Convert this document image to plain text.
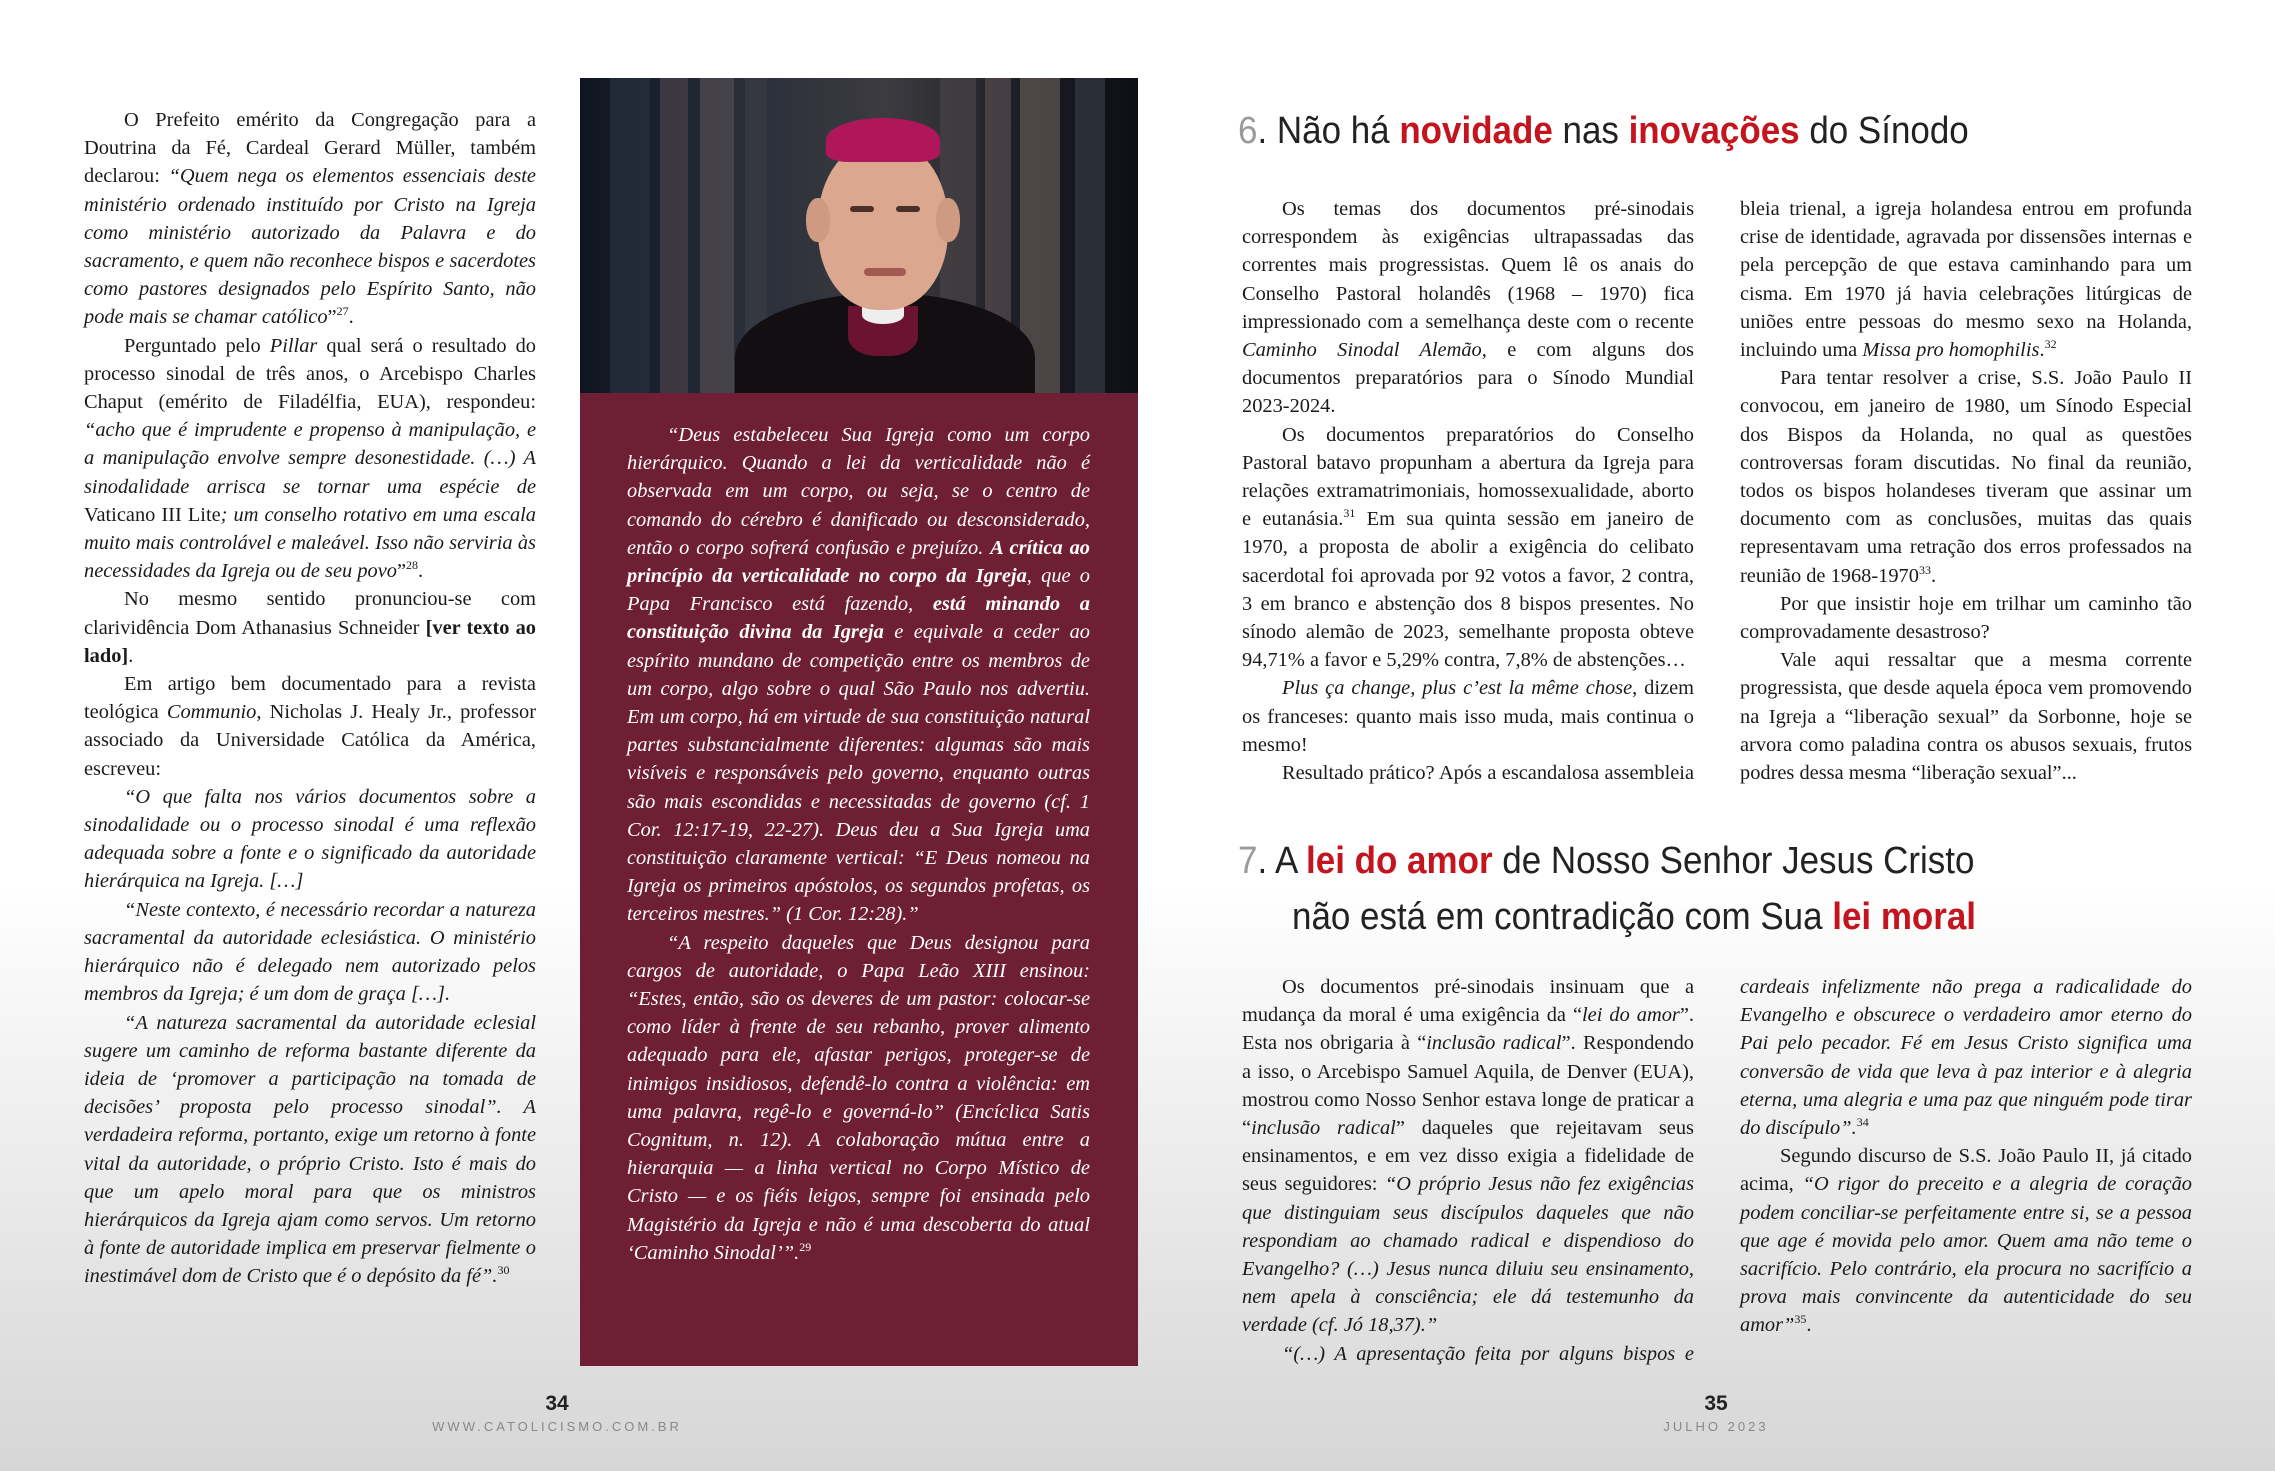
O Prefeito emérito da Congregação para a Doutrina da Fé, Cardeal Gerard Müller, também declarou: “Quem nega os elementos essenciais deste ministério ordenado instituído por Cristo na Igreja como ministério autorizado da Palavra e do sacramento, e quem não reconhece bispos e sacerdotes como pastores designados pelo Espírito Santo, não pode mais se chamar católico”$^{27}$.

Perguntado pelo Pillar qual será o resultado do processo sinodal de três anos, o Arcebispo Charles Chaput (emérito de Filadélfia, EUA), respondeu: “acho que é imprudente e propenso à manipulação, e a manipulação envolve sempre desonestidade. (…) A sinodalidade arrisca se tornar uma espécie de Vaticano III Lite; um conselho rotativo em uma escala muito mais controlável e maleável. Isso não serviria às necessidades da Igreja ou de seu povo”$^{28}$.

No mesmo sentido pronunciou-se com clarividência Dom Athanasius Schneider [ver texto ao lado].

Em artigo bem documentado para a revista teológica Communio, Nicholas J. Healy Jr., professor associado da Universidade Católica da América, escreveu:

“O que falta nos vários documentos sobre a sinodalidade ou o processo sinodal é uma reflexão adequada sobre a fonte e o significado da autoridade hierárquica na Igreja. […]

“Neste contexto, é necessário recordar a natureza sacramental da autoridade eclesiástica. O ministério hierárquico não é delegado nem autorizado pelos membros da Igreja; é um dom de graça […].

“A natureza sacramental da autoridade eclesial sugere um caminho de reforma bastante diferente da ideia de ‘promover a participação na tomada de decisões’ proposta pelo processo sinodal”. A verdadeira reforma, portanto, exige um retorno à fonte vital da autoridade, o próprio Cristo. Isto é mais do que um apelo moral para que os ministros hierárquicos da Igreja ajam como servos. Um retorno à fonte de autoridade implica em preservar fielmente o inestimável dom de Cristo que é o depósito da fé”.$^{30}$

“Deus estabeleceu Sua Igreja como um corpo hierárquico. Quando a lei da verticalidade não é observada em um corpo, ou seja, se o centro de comando do cérebro é danificado ou desconsiderado, então o corpo sofrerá confusão e prejuízo. A crítica ao princípio da verticalidade no corpo da Igreja, que o Papa Francisco está fazendo, está minando a constituição divina da Igreja e equivale a ceder ao espírito mundano de competição entre os membros de um corpo, algo sobre o qual São Paulo nos advertiu. Em um corpo, há em virtude de sua constituição natural partes substancialmente diferentes: algumas são mais visíveis e responsáveis pelo governo, enquanto outras são mais escondidas e necessitadas de governo (cf. 1 Cor. 12:17-19, 22-27). Deus deu a Sua Igreja uma constituição claramente vertical: “E Deus nomeou na Igreja os primeiros apóstolos, os segundos profetas, os terceiros mestres.” (1 Cor. 12:28).”

“A respeito daqueles que Deus designou para cargos de autoridade, o Papa Leão XIII ensinou: “Estes, então, são os deveres de um pastor: colocar-se como líder à frente de seu rebanho, prover alimento adequado para ele, afastar perigos, proteger-se de inimigos insidiosos, defendê-lo contra a violência: em uma palavra, regê-lo e governá-lo” (Encíclica Satis Cognitum, n. 12). A colaboração mútua entre a hierarquia — a linha vertical no Corpo Místico de Cristo — e os fiéis leigos, sempre foi ensinada pelo Magistério da Igreja e não é uma descoberta do atual ‘Caminho Sinodal’”.$^{29}$

6. Não há novidade nas inovações do Sínodo

Os temas dos documentos pré-sinodais correspondem às exigências ultrapassadas das correntes mais progressistas. Quem lê os anais do Conselho Pastoral holandês (1968 – 1970) fica impressionado com a semelhança deste com o recente Caminho Sinodal Alemão, e com alguns dos documentos preparatórios para o Sínodo Mundial 2023-2024.

Os documentos preparatórios do Conselho Pastoral batavo propunham a abertura da Igreja para relações extramatrimoniais, homossexualidade, aborto e eutanásia.$^{31}$ Em sua quinta sessão em janeiro de 1970, a proposta de abolir a exigência do celibato sacerdotal foi aprovada por 92 votos a favor, 2 contra, 3 em branco e abstenção dos 8 bispos presentes. No sínodo alemão de 2023, semelhante proposta obteve 94,71% a favor e 5,29% contra, 7,8% de abstenções…

Plus ça change, plus c’est la même chose, dizem os franceses: quanto mais isso muda, mais continua o mesmo!

Resultado prático? Após a escandalosa assembleia

bleia trienal, a igreja holandesa entrou em profunda crise de identidade, agravada por dissensões internas e pela percepção de que estava caminhando para um cisma. Em 1970 já havia celebrações litúrgicas de uniões entre pessoas do mesmo sexo na Holanda, incluindo uma Missa pro homophilis.$^{32}$

Para tentar resolver a crise, S.S. João Paulo II convocou, em janeiro de 1980, um Sínodo Especial dos Bispos da Holanda, no qual as questões controversas foram discutidas. No final da reunião, todos os bispos holandeses tiveram que assinar um documento com as conclusões, muitas das quais representavam uma retração dos erros professados na reunião de 1968-1970$^{33}$.

Por que insistir hoje em trilhar um caminho tão comprovadamente desastroso?

Vale aqui ressaltar que a mesma corrente progressista, que desde aquela época vem promovendo na Igreja a “liberação sexual” da Sorbonne, hoje se arvora como paladina contra os abusos sexuais, frutos podres dessa mesma “liberação sexual”...

7. A lei do amor de Nosso Senhor Jesus Cristo
não está em contradição com Sua lei moral

Os documentos pré-sinodais insinuam que a mudança da moral é uma exigência da “lei do amor”. Esta nos obrigaria à “inclusão radical”. Respondendo a isso, o Arcebispo Samuel Aquila, de Denver (EUA), mostrou como Nosso Senhor estava longe de praticar a “inclusão radical” daqueles que rejeitavam seus ensinamentos, e em vez disso exigia a fidelidade de seus seguidores: “O próprio Jesus não fez exigências que distinguiam seus discípulos daqueles que não respondiam ao chamado radical e dispendioso do Evangelho? (…) Jesus nunca diluiu seu ensinamento, nem apela à consciência; ele dá testemunho da verdade (cf. Jó 18,37).”

“(…) A apresentação feita por alguns bispos e

cardeais infelizmente não prega a radicalidade do Evangelho e obscurece o verdadeiro amor eterno do Pai pelo pecador. Fé em Jesus Cristo significa uma conversão de vida que leva à paz interior e à alegria eterna, uma alegria e uma paz que ninguém pode tirar do discípulo”.$^{34}$

Segundo discurso de S.S. João Paulo II, já citado acima, “O rigor do preceito e a alegria de coração podem conciliar-se perfeitamente entre si, se a pessoa que age é movida pelo amor. Quem ama não teme o sacrifício. Pelo contrário, ela procura no sacrifício a prova mais convincente da autenticidade do seu amor”$^{35}$.

34
WWW.CATOLICISMO.COM.BR
35
JULHO 2023
